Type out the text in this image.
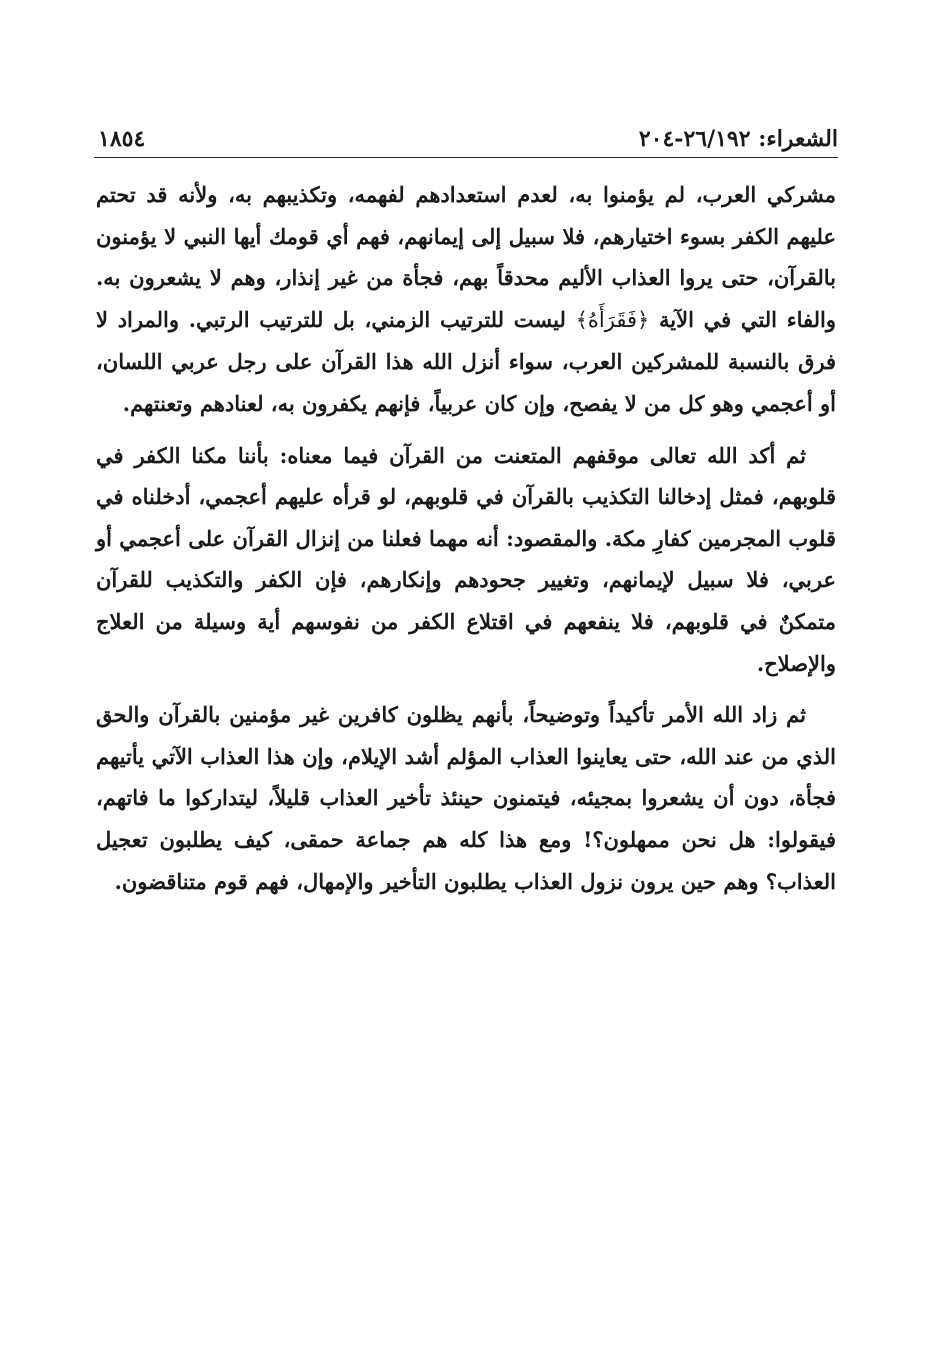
الشعراء: ٢٦/١٩٢-٢٠٤
١٨٥٤

مشركي العرب، لم يؤمنوا به، لعدم استعدادهم لفهمه، وتكذيبهم به، ولأنه قد تحتم عليهم الكفر بسوء اختيارهم، فلا سبيل إلى إيمانهم، فهم أي قومك أيها النبي لا يؤمنون بالقرآن، حتى يروا العذاب الأليم محدقاً بهم، فجأة من غير إنذار، وهم لا يشعرون به. والفاء التي في الآية ﴿فَقَرَأَهُ﴾ ليست للترتيب الزمني، بل للترتيب الرتبي. والمراد لا فرق بالنسبة للمشركين العرب، سواء أنزل الله هذا القرآن على رجل عربي اللسان، أو أعجمي وهو كل من لا يفصح، وإن كان عربياً، فإنهم يكفرون به، لعنادهم وتعنتهم.

ثم أكد الله تعالى موقفهم المتعنت من القرآن فيما معناه: بأننا مكنا الكفر في قلوبهم، فمثل إدخالنا التكذيب بالقرآن في قلوبهم، لو قرأه عليهم أعجمي، أدخلناه في قلوب المجرمين كفارِ مكة. والمقصود: أنه مهما فعلنا من إنزال القرآن على أعجمي أو عربي، فلا سبيل لإيمانهم، وتغيير جحودهم وإنكارهم، فإن الكفر والتكذيب للقرآن متمكنٌ في قلوبهم، فلا ينفعهم في اقتلاع الكفر من نفوسهم أية وسيلة من العلاج والإصلاح.

ثم زاد الله الأمر تأكيداً وتوضيحاً، بأنهم يظلون كافرين غير مؤمنين بالقرآن والحق الذي من عند الله، حتى يعاينوا العذاب المؤلم أشد الإيلام، وإن هذا العذاب الآتي يأتيهم فجأة، دون أن يشعروا بمجيئه، فيتمنون حينئذ تأخير العذاب قليلاً، ليتداركوا ما فاتهم، فيقولوا: هل نحن ممهلون؟! ومع هذا كله هم جماعة حمقى، كيف يطلبون تعجيل العذاب؟ وهم حين يرون نزول العذاب يطلبون التأخير والإمهال، فهم قوم متناقضون.
